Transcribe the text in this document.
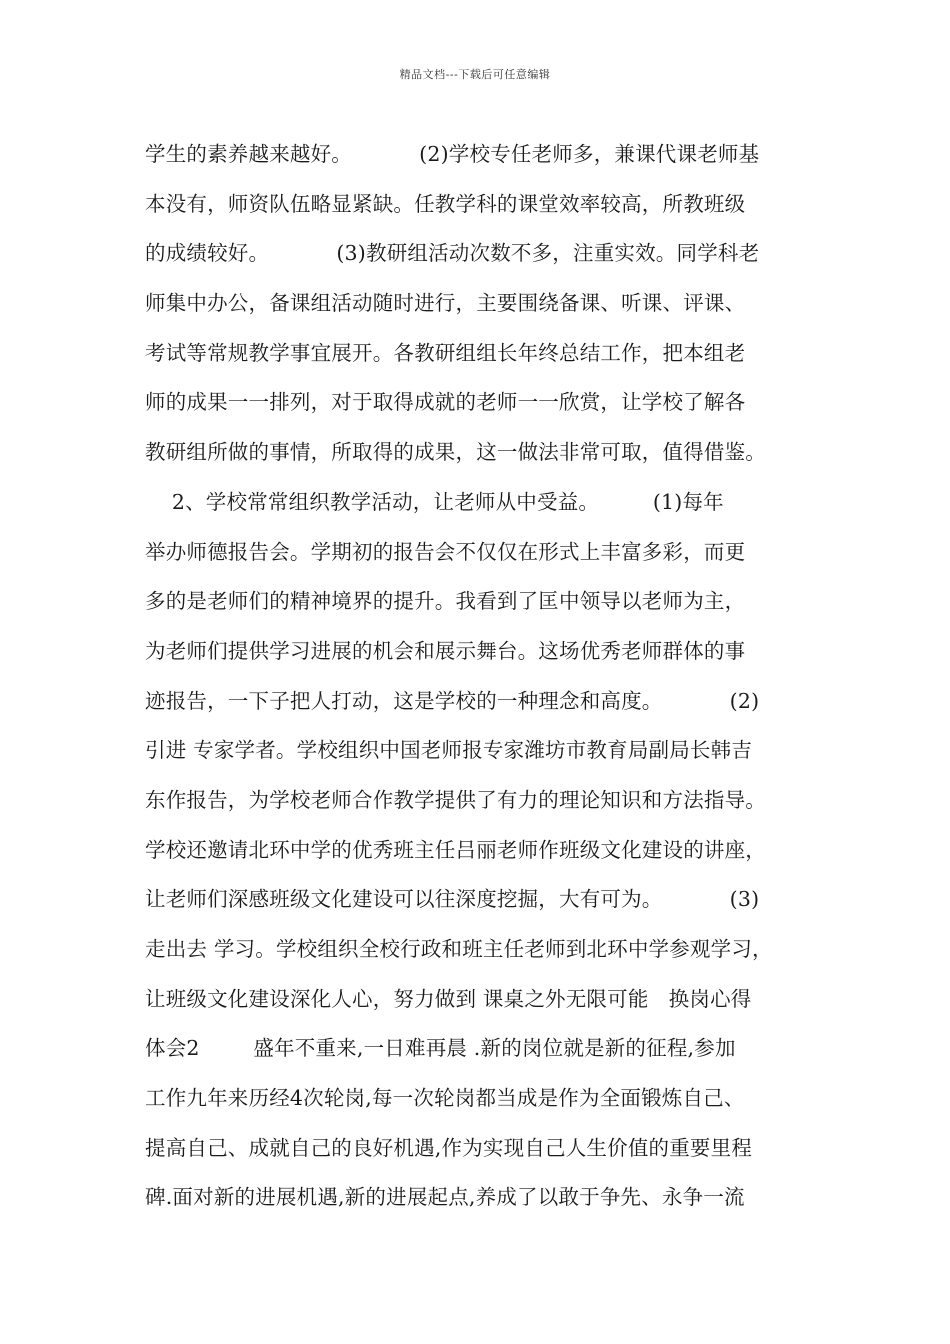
精品文档---下载后可任意编辑
学生的素养越来越好。          (2)学校专任老师多，兼课代课老师基
本没有，师资队伍略显紧缺。任教学科的课堂效率较高，所教班级
的成绩较好。          (3)教研组活动次数不多，注重实效。同学科老
师集中办公，备课组活动随时进行，主要围绕备课、听课、评课、
考试等常规教学事宜展开。各教研组组长年终总结工作，把本组老
师的成果一一排列，对于取得成就的老师一一欣赏，让学校了解各
教研组所做的事情，所取得的成果，这一做法非常可取，值得借鉴。
2、学校常常组织教学活动，让老师从中受益。        (1)每年
举办师德报告会。学期初的报告会不仅仅在形式上丰富多彩，而更
多的是老师们的精神境界的提升。我看到了匡中领导以老师为主，
为老师们提供学习进展的机会和展示舞台。这场优秀老师群体的事
迹报告，一下子把人打动，这是学校的一种理念和高度。          (2)
引进 专家学者。学校组织中国老师报专家潍坊市教育局副局长韩吉
东作报告，为学校老师合作教学提供了有力的理论知识和方法指导。
学校还邀请北环中学的优秀班主任吕丽老师作班级文化建设的讲座，
让老师们深感班级文化建设可以往深度挖掘，大有可为。          (3)
走出去 学习。学校组织全校行政和班主任老师到北环中学参观学习，
让班级文化建设深化人心，努力做到 课桌之外无限可能   换岗心得
体会2        盛年不重来,一日难再晨 .新的岗位就是新的征程,参加
工作九年来历经4次轮岗,每一次轮岗都当成是作为全面锻炼自己、
提高自己、成就自己的良好机遇,作为实现自己人生价值的重要里程
碑.面对新的进展机遇,新的进展起点,养成了以敢于争先、永争一流
